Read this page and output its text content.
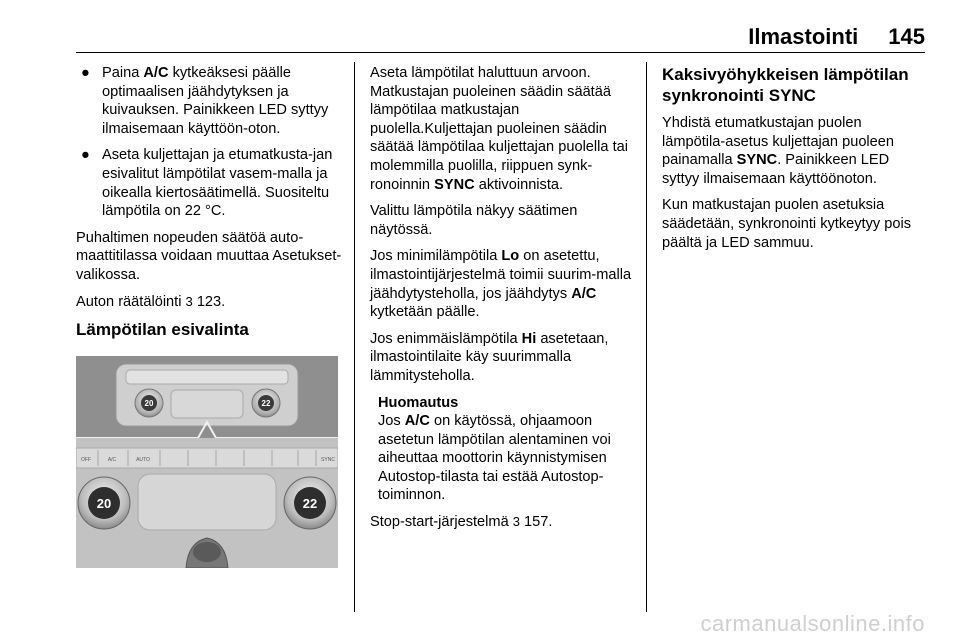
Ilmastointi 145
● Paina A/C kytkeäksesi päälle optimaalisen jäähdytyksen ja kuivauksen. Painikkeen LED syttyy ilmaisemaan käyttöön-oton.
● Aseta kuljettajan ja etumatkusta-jan esivalitut lämpötilat vasem-malla ja oikealla kiertosäätimellä. Suositeltu lämpötila on 22 °C.

Puhaltimen nopeuden säätöä auto-maattitilassa voidaan muuttaa Asetukset-valikossa.

Auton räätälöinti 3 123.

Lämpötilan esivalinta
20	22
OFF	A/C	AUTO	SYNC
20	22

Aseta lämpötilat haluttuun arvoon. Matkustajan puoleinen säädin säätää lämpötilaa matkustajan puolella.Kuljettajan puoleinen säädin säätää lämpötilaa kuljettajan puolella tai molemmilla puolilla, riippuen synk-ronoinnin SYNC aktivoinnista.

Valittu lämpötila näkyy säätimen näytössä.

Jos minimilämpötila Lo on asetettu, ilmastointijärjestelmä toimii suurim-malla jäähdytysteholla, jos jäähdytys A/C kytketään päälle.

Jos enimmäislämpötila Hi asetetaan, ilmastointilaite käy suurimmalla lämmitysteholla.

Huomautus

Jos A/C on käytössä, ohjaamoon asetetun lämpötilan alentaminen voi aiheuttaa moottorin käynnistymisen Autostop-tilasta tai estää Autostop-toiminnon.

Stop-start-järjestelmä 3 157.

Kaksivyöhykkeisen lämpötilan synkronointi SYNC

Yhdistä etumatkustajan puolen lämpötila-asetus kuljettajan puoleen painamalla SYNC. Painikkeen LED syttyy ilmaisemaan käyttöönoton.

Kun matkustajan puolen asetuksia säädetään, synkronointi kytkeytyy pois päältä ja LED sammuu.

carmanualsonline.info
